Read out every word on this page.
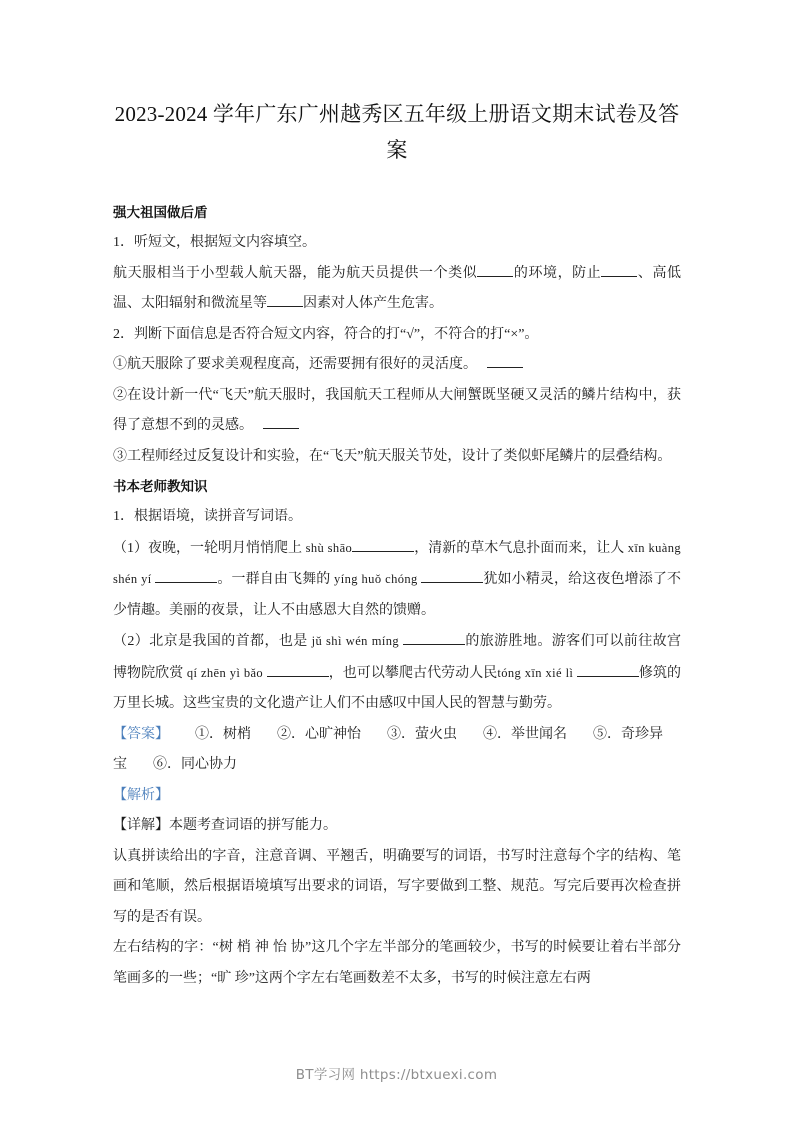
2023-2024 学年广东广州越秀区五年级上册语文期末试卷及答案

强大祖国做后盾

1．听短文，根据短文内容填空。

航天服相当于小型载人航天器，能为航天员提供一个类似	的环境，防止	、高低温、太阳辐射和微流星等	因素对人体产生危害。

2．判断下面信息是否符合短文内容，符合的打“√”，不符合的打“×”。

①航天服除了要求美观程度高，还需要拥有很好的灵活度。

②在设计新一代“飞天”航天服时，我国航天工程师从大闸蟹既坚硬又灵活的鳞片结构中，获得了意想不到的灵感。

③工程师经过反复设计和实验，在“飞天”航天服关节处，设计了类似虾尾鳞片的层叠结构。

书本老师教知识

1．根据语境，读拼音写词语。

（1）夜晚，一轮明月悄悄爬上 shù shāo	，清新的草木气息扑面而来，让人 xīn kuàng shén yí	。一群自由飞舞的 yíng huǒ chóng	犹如小精灵，给这夜色增添了不少情趣。美丽的夜景，让人不由感恩大自然的馈赠。

（2）北京是我国的首都，也是 jǔ shì wén míng	的旅游胜地。游客们可以前往故宫博物院欣赏 qí zhēn yì bǎo	，也可以攀爬古代劳动人民tóng xīn xié lì	修筑的万里长城。这些宝贵的文化遗产让人们不由感叹中国人民的智慧与勤劳。

【答案】 ①．树梢 ②．心旷神怡 ③．萤火虫 ④．举世闻名 ⑤．奇珍异宝 ⑥．同心协力

【解析】

【详解】本题考查词语的拼写能力。

认真拼读给出的字音，注意音调、平翘舌，明确要写的词语，书写时注意每个字的结构、笔画和笔顺，然后根据语境填写出要求的词语，写字要做到工整、规范。写完后要再次检查拼写的是否有误。

左右结构的字：“树 梢 神 怡 协”这几个字左半部分的笔画较少，书写的时候要让着右半部分笔画多的一些；“旷 珍”这两个字左右笔画数差不太多，书写的时候注意左右两

BT学习网 https://btxuexi.com
